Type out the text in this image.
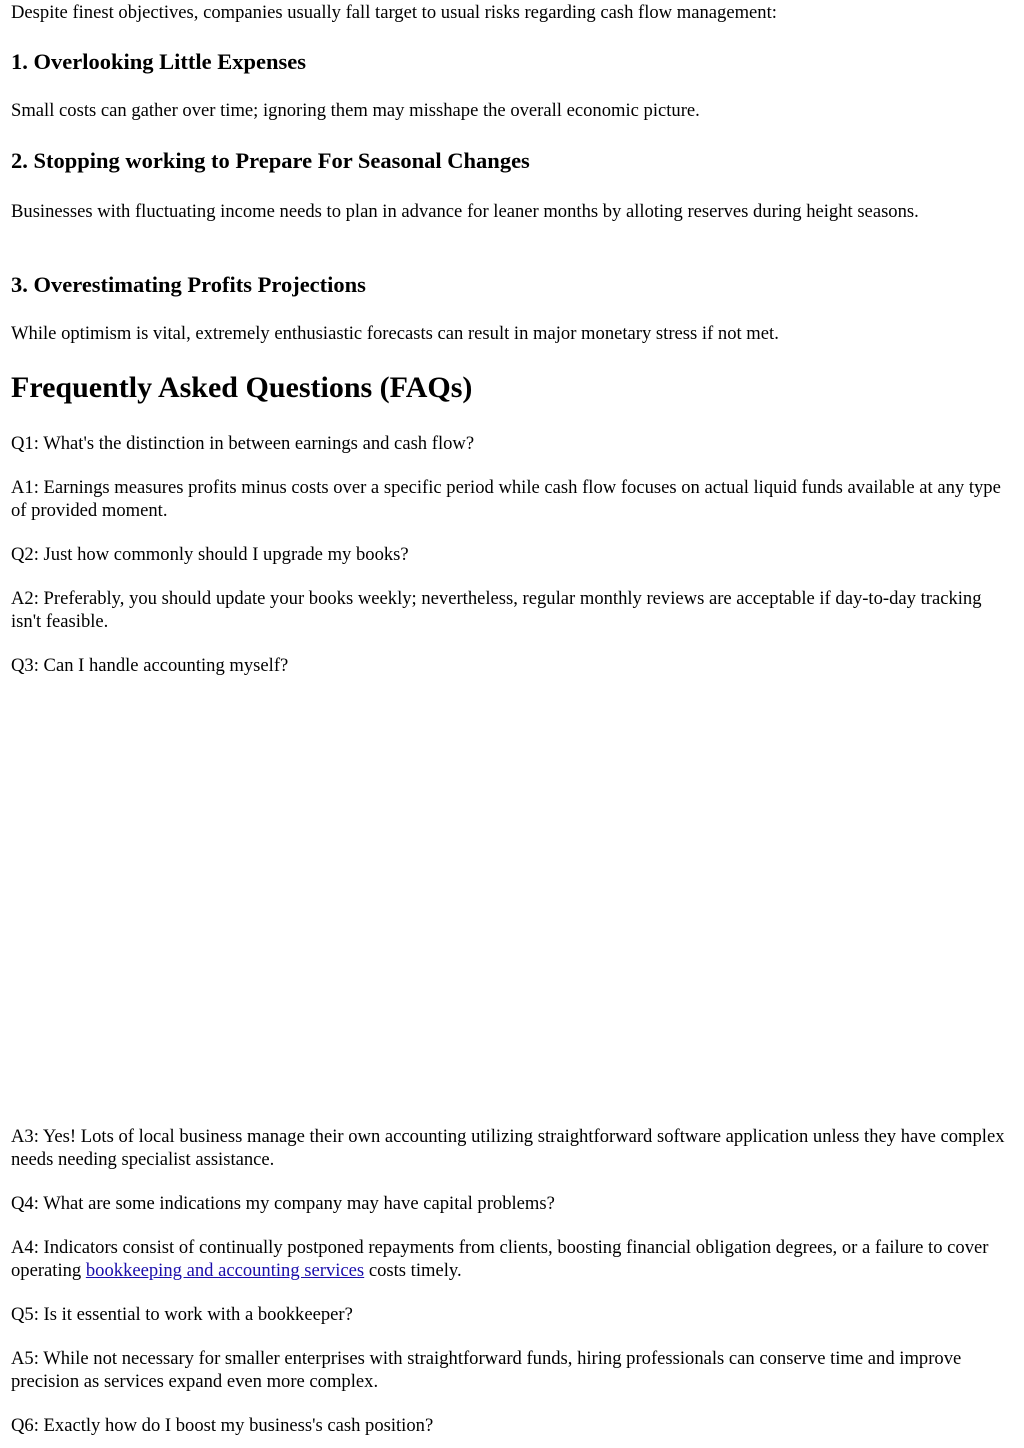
Despite finest objectives, companies usually fall target to usual risks regarding cash flow management:

1. Overlooking Little Expenses

Small costs can gather over time; ignoring them may misshape the overall economic picture.

2. Stopping working to Prepare For Seasonal Changes

Businesses with fluctuating income needs to plan in advance for leaner months by alloting reserves during height seasons.

3. Overestimating Profits Projections

While optimism is vital, extremely enthusiastic forecasts can result in major monetary stress if not met.

Frequently Asked Questions (FAQs)

Q1: What's the distinction in between earnings and cash flow?

A1: Earnings measures profits minus costs over a specific period while cash flow focuses on actual liquid funds available at any type of provided moment.

Q2: Just how commonly should I upgrade my books?

A2: Preferably, you should update your books weekly; nevertheless, regular monthly reviews are acceptable if day-to-day tracking isn't feasible.

Q3: Can I handle accounting myself?

A3: Yes! Lots of local business manage their own accounting utilizing straightforward software application unless they have complex needs needing specialist assistance.

Q4: What are some indications my company may have capital problems?

A4: Indicators consist of continually postponed repayments from clients, boosting financial obligation degrees, or a failure to cover operating bookkeeping and accounting services costs timely.

Q5: Is it essential to work with a bookkeeper?

A5: While not necessary for smaller enterprises with straightforward funds, hiring professionals can conserve time and improve precision as services expand even more complex.

Q6: Exactly how do I boost my business's cash position?
